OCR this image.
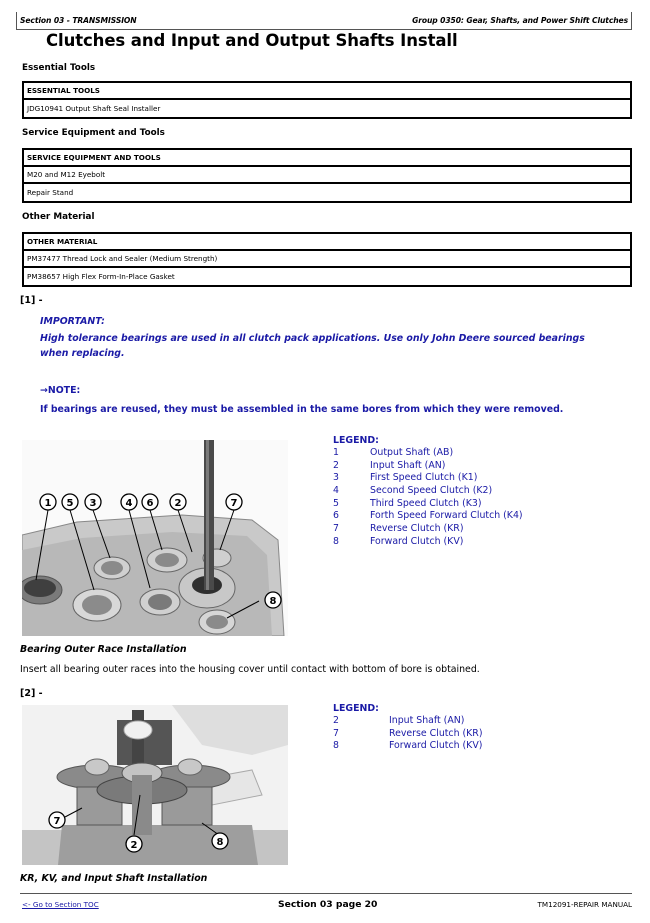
Section 03 - TRANSMISSION	Group 0350: Gear, Shafts, and Power Shift Clutches
Clutches and Input and Output Shafts Install
Essential Tools
ESSENTIAL TOOLS
JDG10941 Output Shaft Seal Installer
Service Equipment and Tools
SERVICE EQUIPMENT AND TOOLS
M20 and M12 Eyebolt
Repair Stand
Other Material
OTHER MATERIAL
PM37477 Thread Lock and Sealer (Medium Strength)
PM38657 High Flex Form-In-Place Gasket
[1] -
IMPORTANT:
High tolerance bearings are used in all clutch pack applications. Use only John Deere sourced bearings when replacing.
→NOTE:
If bearings are reused, they must be assembled in the same bores from which they were removed.
1 5 3	4 6 2	7
8
LEGEND:
1	Output Shaft (AB)
2	Input Shaft (AN)
3	First Speed Clutch (K1)
4	Second Speed Clutch (K2)
5	Third Speed Clutch (K3)
6	Forth Speed Forward Clutch (K4)
7	Reverse Clutch (KR)
8	Forward Clutch (KV)
Bearing Outer Race Installation
Insert all bearing outer races into the housing cover until contact with bottom of bore is obtained.
[2] -
7
2	8
LEGEND:
2	Input Shaft (AN)
7	Reverse Clutch (KR)
8	Forward Clutch (KV)
KR, KV, and Input Shaft Installation
<- Go to Section TOC	Section 03 page 20	TM12091-REPAIR MANUAL
